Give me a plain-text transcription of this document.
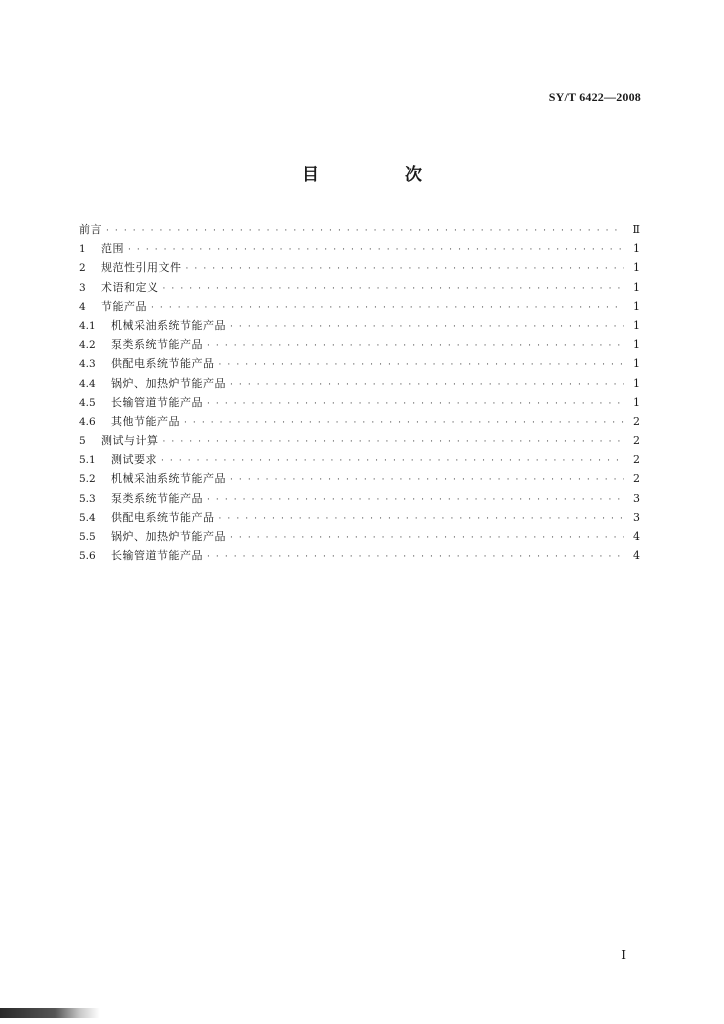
SY/T 6422—2008
目 次
前言 · · ·	Ⅱ
1	范围 · · ·	1
2	规范性引用文件 · · ·	1
3	术语和定义 · · ·	1
4	节能产品 · · ·	1
4.1	机械采油系统节能产品 · · ·	1
4.2	泵类系统节能产品 · · ·	1
4.3	供配电系统节能产品 · · ·	1
4.4	锅炉、加热炉节能产品 · · ·	1
4.5	长输管道节能产品 · · ·	1
4.6	其他节能产品 · · ·	2
5	测试与计算 · · ·	2
5.1	测试要求 · · ·	2
5.2	机械采油系统节能产品 · · ·	2
5.3	泵类系统节能产品 · · ·	3
5.4	供配电系统节能产品 · · ·	3
5.5	锅炉、加热炉节能产品 · · ·	4
5.6	长输管道节能产品 · · ·	4
Ⅰ
